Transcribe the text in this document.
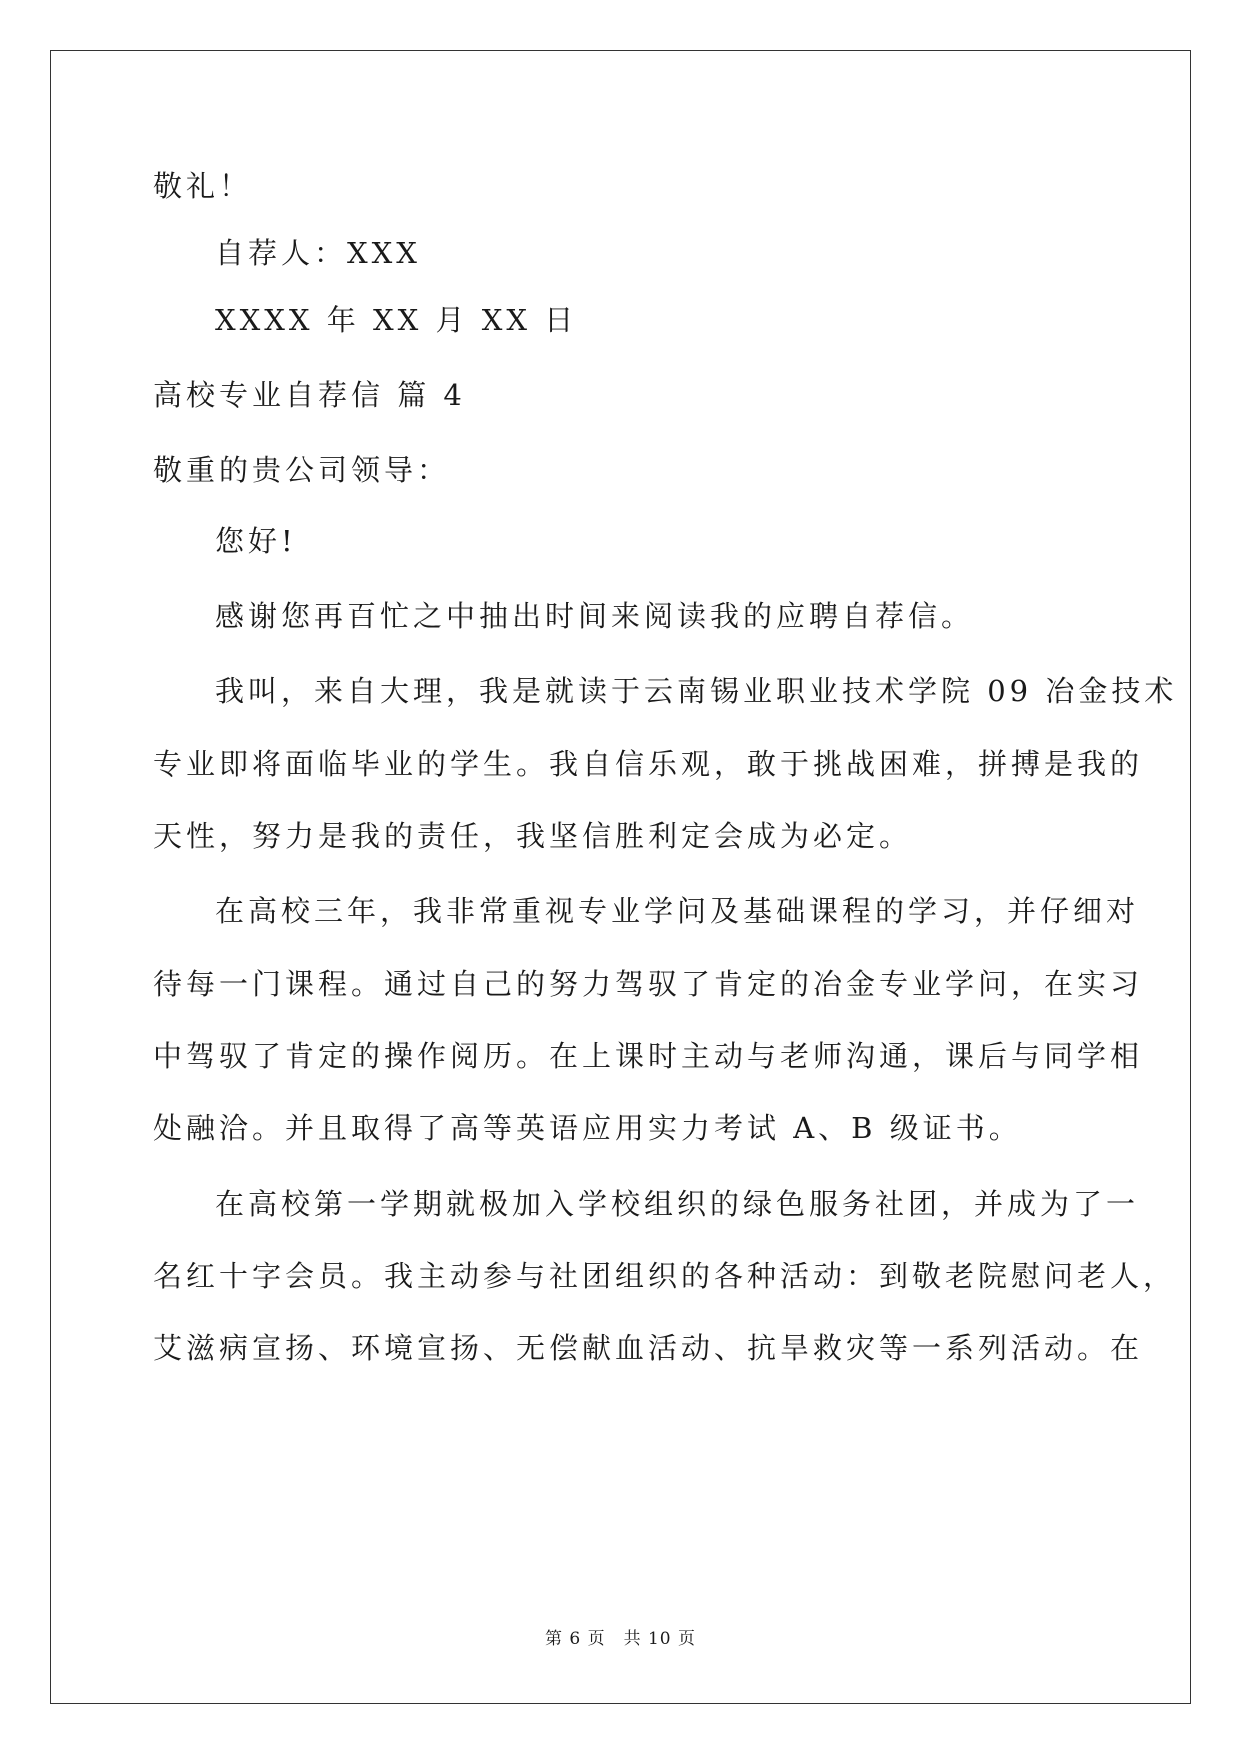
敬礼！
自荐人：XXX
XXXX 年 XX 月 XX 日
高校专业自荐信 篇 4
敬重的贵公司领导：
您好!
感谢您再百忙之中抽出时间来阅读我的应聘自荐信。
我叫，来自大理，我是就读于云南锡业职业技术学院 09 冶金技术
专业即将面临毕业的学生。我自信乐观，敢于挑战困难，拼搏是我的
天性，努力是我的责任，我坚信胜利定会成为必定。
在高校三年，我非常重视专业学问及基础课程的学习，并仔细对
待每一门课程。通过自己的努力驾驭了肯定的冶金专业学问，在实习
中驾驭了肯定的操作阅历。在上课时主动与老师沟通，课后与同学相
处融洽。并且取得了高等英语应用实力考试 A、B 级证书。
在高校第一学期就极加入学校组织的绿色服务社团，并成为了一
名红十字会员。我主动参与社团组织的各种活动：到敬老院慰问老人，
艾滋病宣扬、环境宣扬、无偿献血活动、抗旱救灾等一系列活动。在
第 6 页 共 10 页
